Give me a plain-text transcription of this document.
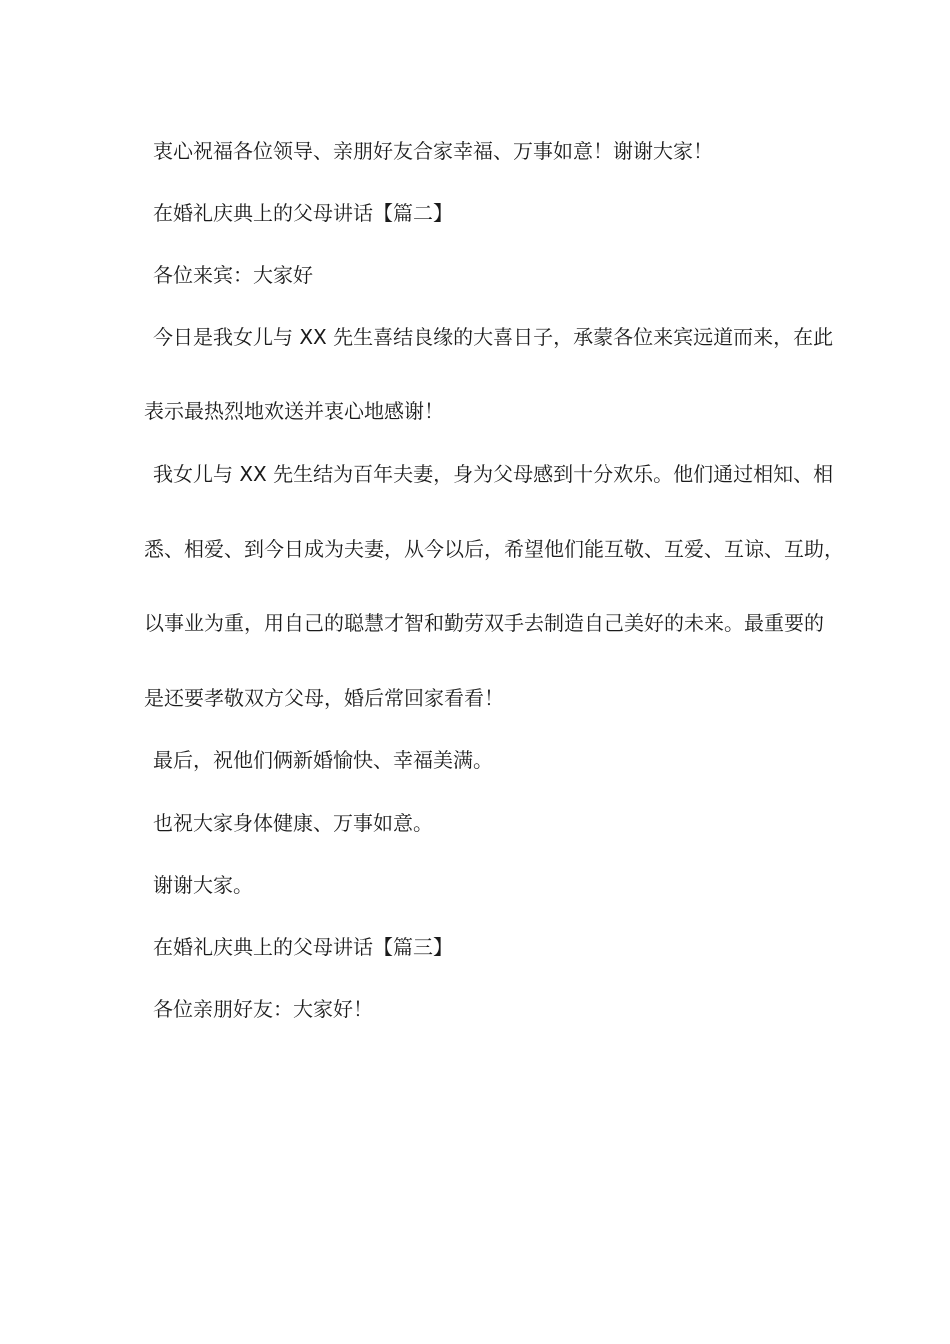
衷心祝福各位领导、亲朋好友合家幸福、万事如意！谢谢大家！
在婚礼庆典上的父母讲话【篇二】
各位来宾：大家好
今日是我女儿与 XX 先生喜结良缘的大喜日子，承蒙各位来宾远道而来，在此
表示最热烈地欢送并衷心地感谢！
我女儿与 XX 先生结为百年夫妻，身为父母感到十分欢乐。他们通过相知、相
悉、相爱、到今日成为夫妻，从今以后，希望他们能互敬、互爱、互谅、互助，
以事业为重，用自己的聪慧才智和勤劳双手去制造自己美好的未来。最重要的
是还要孝敬双方父母，婚后常回家看看！
最后，祝他们俩新婚愉快、幸福美满。
也祝大家身体健康、万事如意。
谢谢大家。
在婚礼庆典上的父母讲话【篇三】
各位亲朋好友：大家好！
